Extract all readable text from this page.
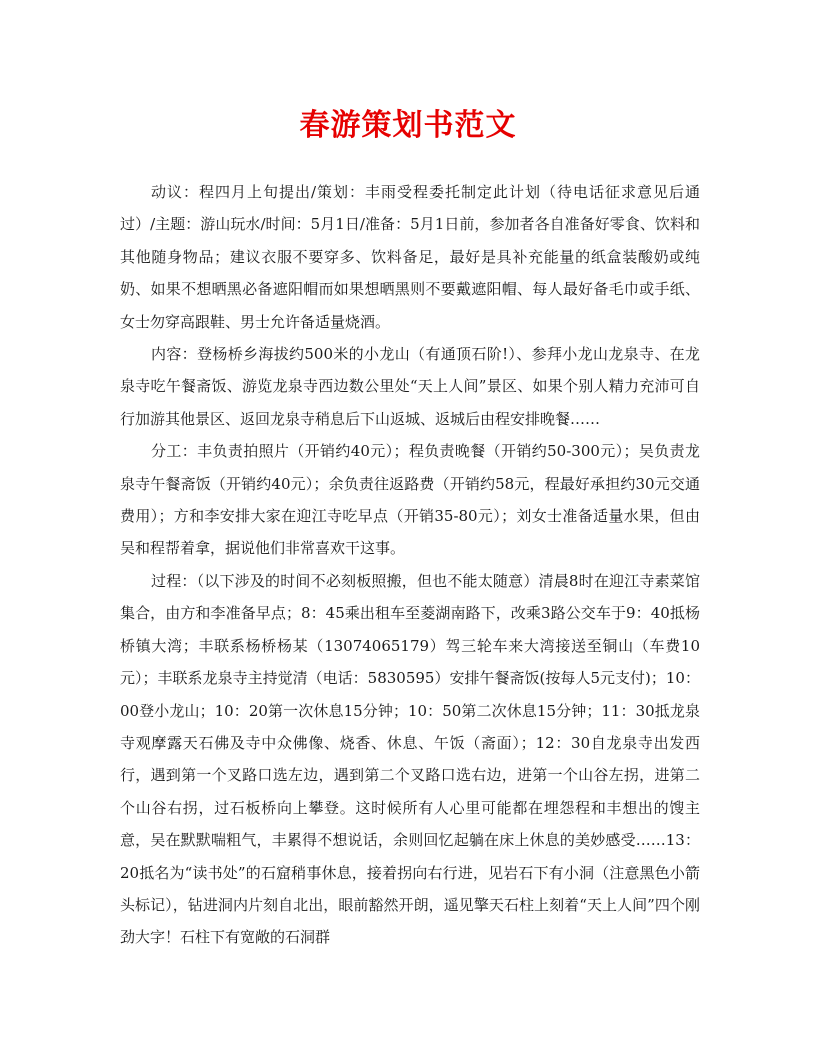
春游策划书范文

动议：程四月上旬提出/策划：丰雨受程委托制定此计划（待电话征求意见后通过）/主题：游山玩水/时间：5月1日/准备：5月1日前，参加者各自准备好零食、饮料和其他随身物品；建议衣服不要穿多、饮料备足，最好是具补充能量的纸盒装酸奶或纯奶、如果不想晒黑必备遮阳帽而如果想晒黑则不要戴遮阳帽、每人最好备毛巾或手纸、女士勿穿高跟鞋、男士允许备适量烧酒。

内容：登杨桥乡海拔约500米的小龙山（有通顶石阶!）、参拜小龙山龙泉寺、在龙泉寺吃午餐斋饭、游览龙泉寺西边数公里处“天上人间”景区、如果个别人精力充沛可自行加游其他景区、返回龙泉寺稍息后下山返城、返城后由程安排晚餐……

分工：丰负责拍照片（开销约40元）；程负责晚餐（开销约50-300元）；吴负责龙泉寺午餐斋饭（开销约40元）；余负责往返路费（开销约58元，程最好承担约30元交通费用）；方和李安排大家在迎江寺吃早点（开销35-80元）；刘女士准备适量水果，但由吴和程帮着拿，据说他们非常喜欢干这事。

过程：（以下涉及的时间不必刻板照搬，但也不能太随意）清晨8时在迎江寺素菜馆集合，由方和李准备早点；8：45乘出租车至菱湖南路下，改乘3路公交车于9：40抵杨桥镇大湾；丰联系杨桥杨某（13074065179）驾三轮车来大湾接送至铜山（车费10元）；丰联系龙泉寺主持觉清（电话：5830595）安排午餐斋饭(按每人5元支付)；10：00登小龙山；10：20第一次休息15分钟；10：50第二次休息15分钟；11：30抵龙泉寺观摩露天石佛及寺中众佛像、烧香、休息、午饭（斋面）；12：30自龙泉寺出发西行，遇到第一个叉路口选左边，遇到第二个叉路口选右边，进第一个山谷左拐，进第二个山谷右拐，过石板桥向上攀登。这时候所有人心里可能都在埋怨程和丰想出的馊主意，吴在默默喘粗气，丰累得不想说话，余则回忆起躺在床上休息的美妙感受……13：20抵名为“读书处”的石窟稍事休息，接着拐向右行进，见岩石下有小洞（注意黑色小箭头标记），钻进洞内片刻自北出，眼前豁然开朗，遥见擎天石柱上刻着“天上人间”四个刚劲大字！石柱下有宽敞的石洞群
